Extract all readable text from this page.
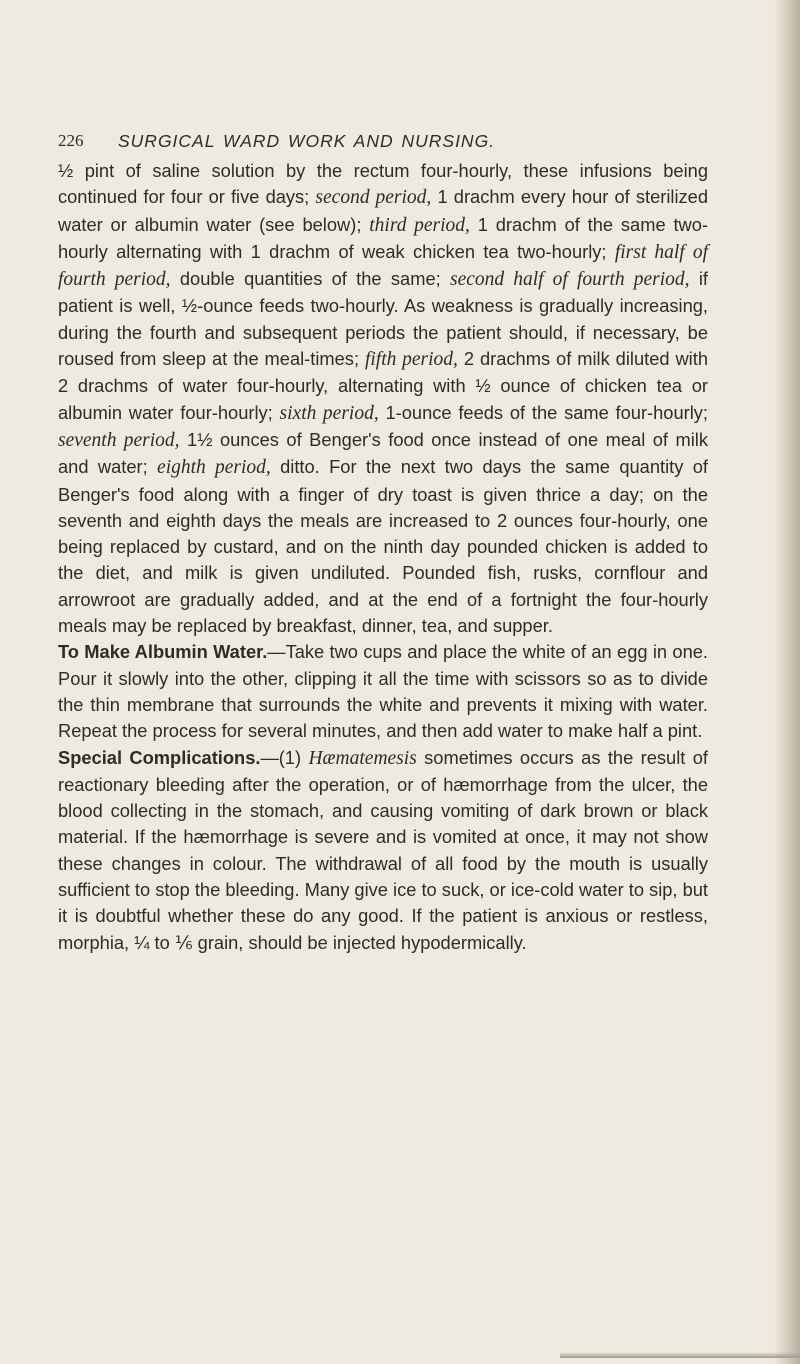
226 SURGICAL WARD WORK AND NURSING.

½ pint of saline solution by the rectum four-hourly, these infusions being continued for four or five days; second period, 1 drachm every hour of sterilized water or albumin water (see below); third period, 1 drachm of the same two-hourly alternating with 1 drachm of weak chicken tea two-hourly; first half of fourth period, double quantities of the same; second half of fourth period, if patient is well, ½-ounce feeds two-hourly. As weakness is gradually increasing, during the fourth and subsequent periods the patient should, if necessary, be roused from sleep at the meal-times; fifth period, 2 drachms of milk diluted with 2 drachms of water four-hourly, alternating with ½ ounce of chicken tea or albumin water four-hourly; sixth period, 1-ounce feeds of the same four-hourly; seventh period, 1½ ounces of Benger's food once instead of one meal of milk and water; eighth period, ditto. For the next two days the same quantity of Benger's food along with a finger of dry toast is given thrice a day; on the seventh and eighth days the meals are increased to 2 ounces four-hourly, one being replaced by custard, and on the ninth day pounded chicken is added to the diet, and milk is given undiluted. Pounded fish, rusks, cornflour and arrowroot are gradually added, and at the end of a fortnight the four-hourly meals may be replaced by breakfast, dinner, tea, and supper.

To Make Albumin Water.—Take two cups and place the white of an egg in one. Pour it slowly into the other, clipping it all the time with scissors so as to divide the thin membrane that surrounds the white and prevents it mixing with water. Repeat the process for several minutes, and then add water to make half a pint.

Special Complications.—(1) Hæmatemesis sometimes occurs as the result of reactionary bleeding after the operation, or of hæmorrhage from the ulcer, the blood collecting in the stomach, and causing vomiting of dark brown or black material. If the hæmorrhage is severe and is vomited at once, it may not show these changes in colour. The withdrawal of all food by the mouth is usually sufficient to stop the bleeding. Many give ice to suck, or ice-cold water to sip, but it is doubtful whether these do any good. If the patient is anxious or restless, morphia, ¼ to ⅙ grain, should be injected hypodermically.
